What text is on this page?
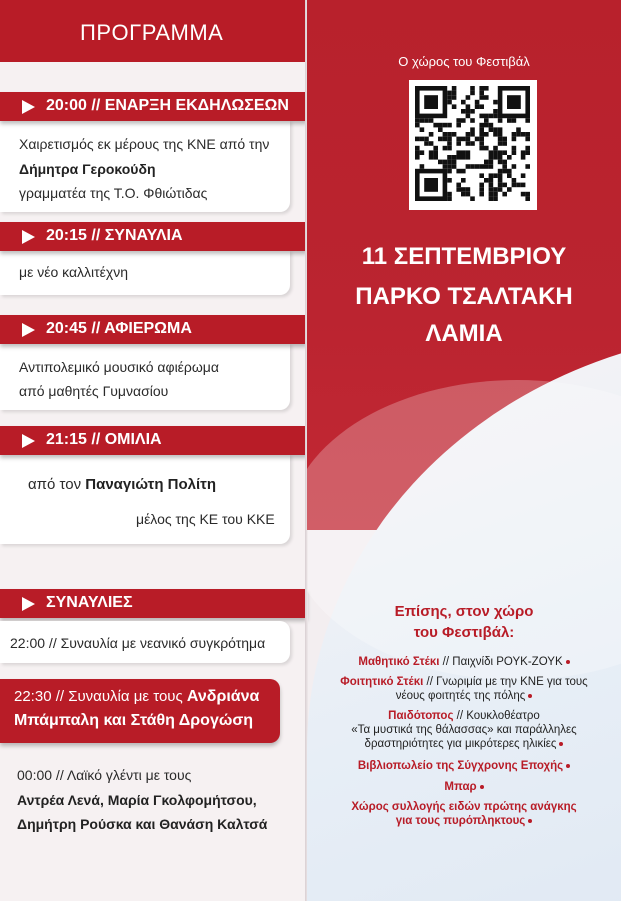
ΠΡΟΓΡΑΜΜΑ
20:00 // ΕΝΑΡΞΗ ΕΚΔΗΛΩΣΕΩΝ
Χαιρετισμός εκ μέρους της ΚΝΕ από την
Δήμητρα Γεροκούδη
γραμματέα της Τ.Ο. Φθιώτιδας
20:15 // ΣΥΝΑΥΛΙΑ
με νέο καλλιτέχνη
20:45 // ΑΦΙΕΡΩΜΑ
Αντιπολεμικό μουσικό αφιέρωμα
από μαθητές Γυμνασίου
21:15 // ΟΜΙΛΙΑ
από τον Παναγιώτη Πολίτη
μέλος της ΚΕ του ΚΚΕ
ΣΥΝΑΥΛΙΕΣ
22:00 // Συναυλία με νεανικό συγκρότημα
22:30 // Συναυλία με τους Ανδριάνα
Μπάμπαλη και Στάθη Δρογώση
00:00 // Λαϊκό γλέντι με τους
Αντρέα Λενά, Μαρία Γκολφομήτσου,
Δημήτρη Ρούσκα και Θανάση Καλτσά
Ο χώρος του Φεστιβάλ
11 ΣΕΠΤΕΜΒΡΙΟΥ
ΠΑΡΚΟ ΤΣΑΛΤΑΚΗ
ΛΑΜΙΑ
Επίσης, στον χώρο
του Φεστιβάλ:
Μαθητικό Στέκι // Παιχνίδι ΡΟΥΚ-ΖΟΥΚ
Φοιτητικό Στέκι // Γνωριμία με την ΚΝΕ για τους
νέους φοιτητές της πόλης
Παιδότοπος // Κουκλοθέατρο
«Τα μυστικά της θάλασσας» και παράλληλες
δραστηριότητες για μικρότερες ηλικίες
Βιβλιοπωλείο της Σύγχρονης Εποχής
Μπαρ
Χώρος συλλογής ειδών πρώτης ανάγκης
για τους πυρόπληκτους
